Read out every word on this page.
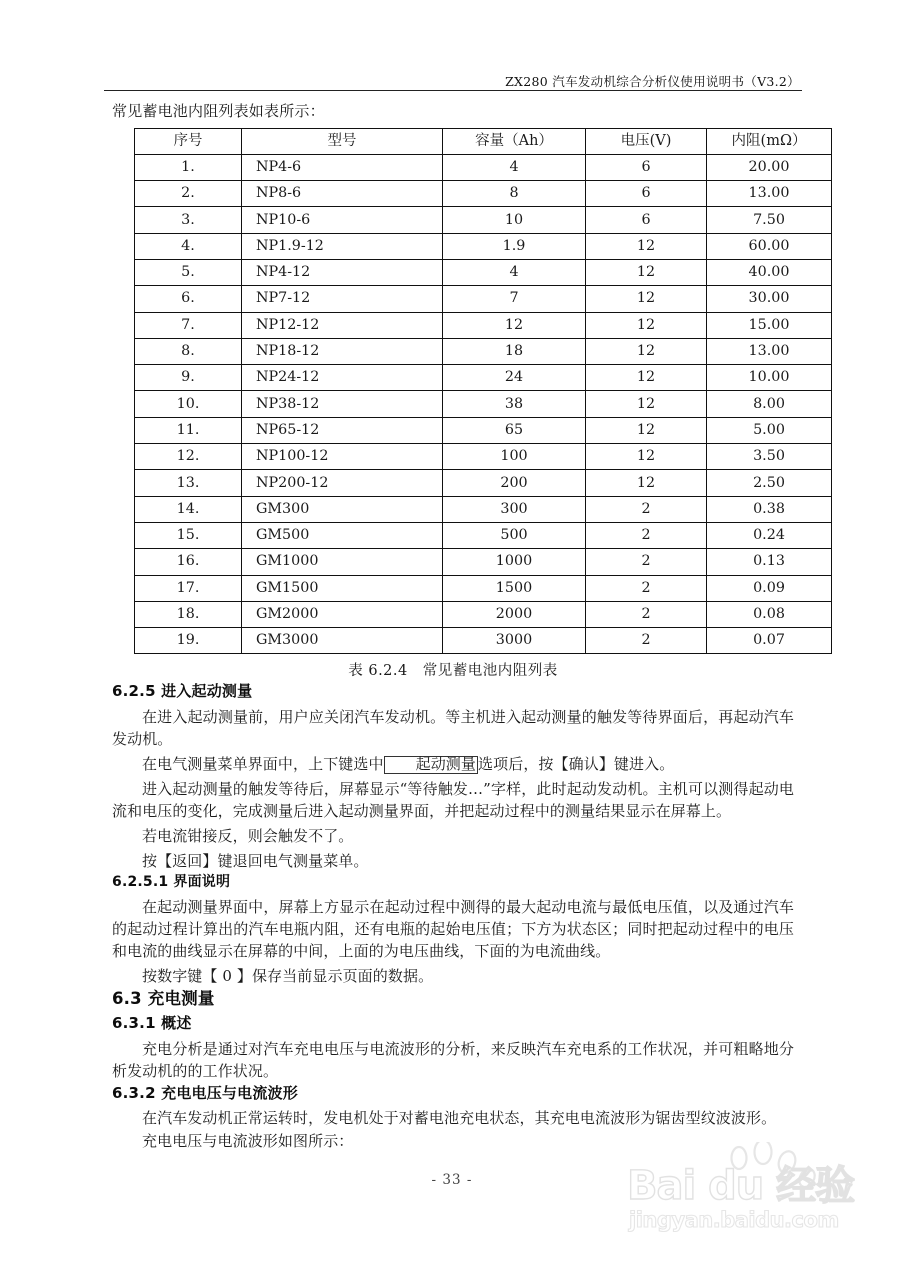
ZX280 汽车发动机综合分析仪使用说明书（V3.2）

常见蓄电池内阻列表如表所示：

序号	型号	容量（Ah）	电压(V)	内阻(mΩ）
1.	NP4-6	4	6	20.00
2.	NP8-6	8	6	13.00
3.	NP10-6	10	6	7.50
4.	NP1.9-12	1.9	12	60.00
5.	NP4-12	4	12	40.00
6.	NP7-12	7	12	30.00
7.	NP12-12	12	12	15.00
8.	NP18-12	18	12	13.00
9.	NP24-12	24	12	10.00
10.	NP38-12	38	12	8.00
11.	NP65-12	65	12	5.00
12.	NP100-12	100	12	3.50
13.	NP200-12	200	12	2.50
14.	GM300	300	2	0.38
15.	GM500	500	2	0.24
16.	GM1000	1000	2	0.13
17.	GM1500	1500	2	0.09
18.	GM2000	2000	2	0.08
19.	GM3000	3000	2	0.07

表 6.2.4　常见蓄电池内阻列表

6.2.5 进入起动测量

在进入起动测量前，用户应关闭汽车发动机。等主机进入起动测量的触发等待界面后，再起动汽车发动机。

在电气测量菜单界面中，上下键选中 起动测量 选项后，按【确认】键进入。

进入起动测量的触发等待后，屏幕显示“等待触发…”字样，此时起动发动机。主机可以测得起动电流和电压的变化，完成测量后进入起动测量界面，并把起动过程中的测量结果显示在屏幕上。

若电流钳接反，则会触发不了。

按【返回】键退回电气测量菜单。

6.2.5.1 界面说明

在起动测量界面中，屏幕上方显示在起动过程中测得的最大起动电流与最低电压值，以及通过汽车的起动过程计算出的汽车电瓶内阻，还有电瓶的起始电压值；下方为状态区；同时把起动过程中的电压和电流的曲线显示在屏幕的中间，上面的为电压曲线，下面的为电流曲线。

按数字键【 0 】保存当前显示页面的数据。

6.3 充电测量
6.3.1 概述

充电分析是通过对汽车充电电压与电流波形的分析，来反映汽车充电系的工作状况，并可粗略地分析发动机的的工作状况。

6.3.2 充电电压与电流波形

在汽车发动机正常运转时，发电机处于对蓄电池充电状态，其充电电流波形为锯齿型纹波波形。

充电电压与电流波形如图所示：

- 33 -	Bai du 经验
jingyan.baidu.com
